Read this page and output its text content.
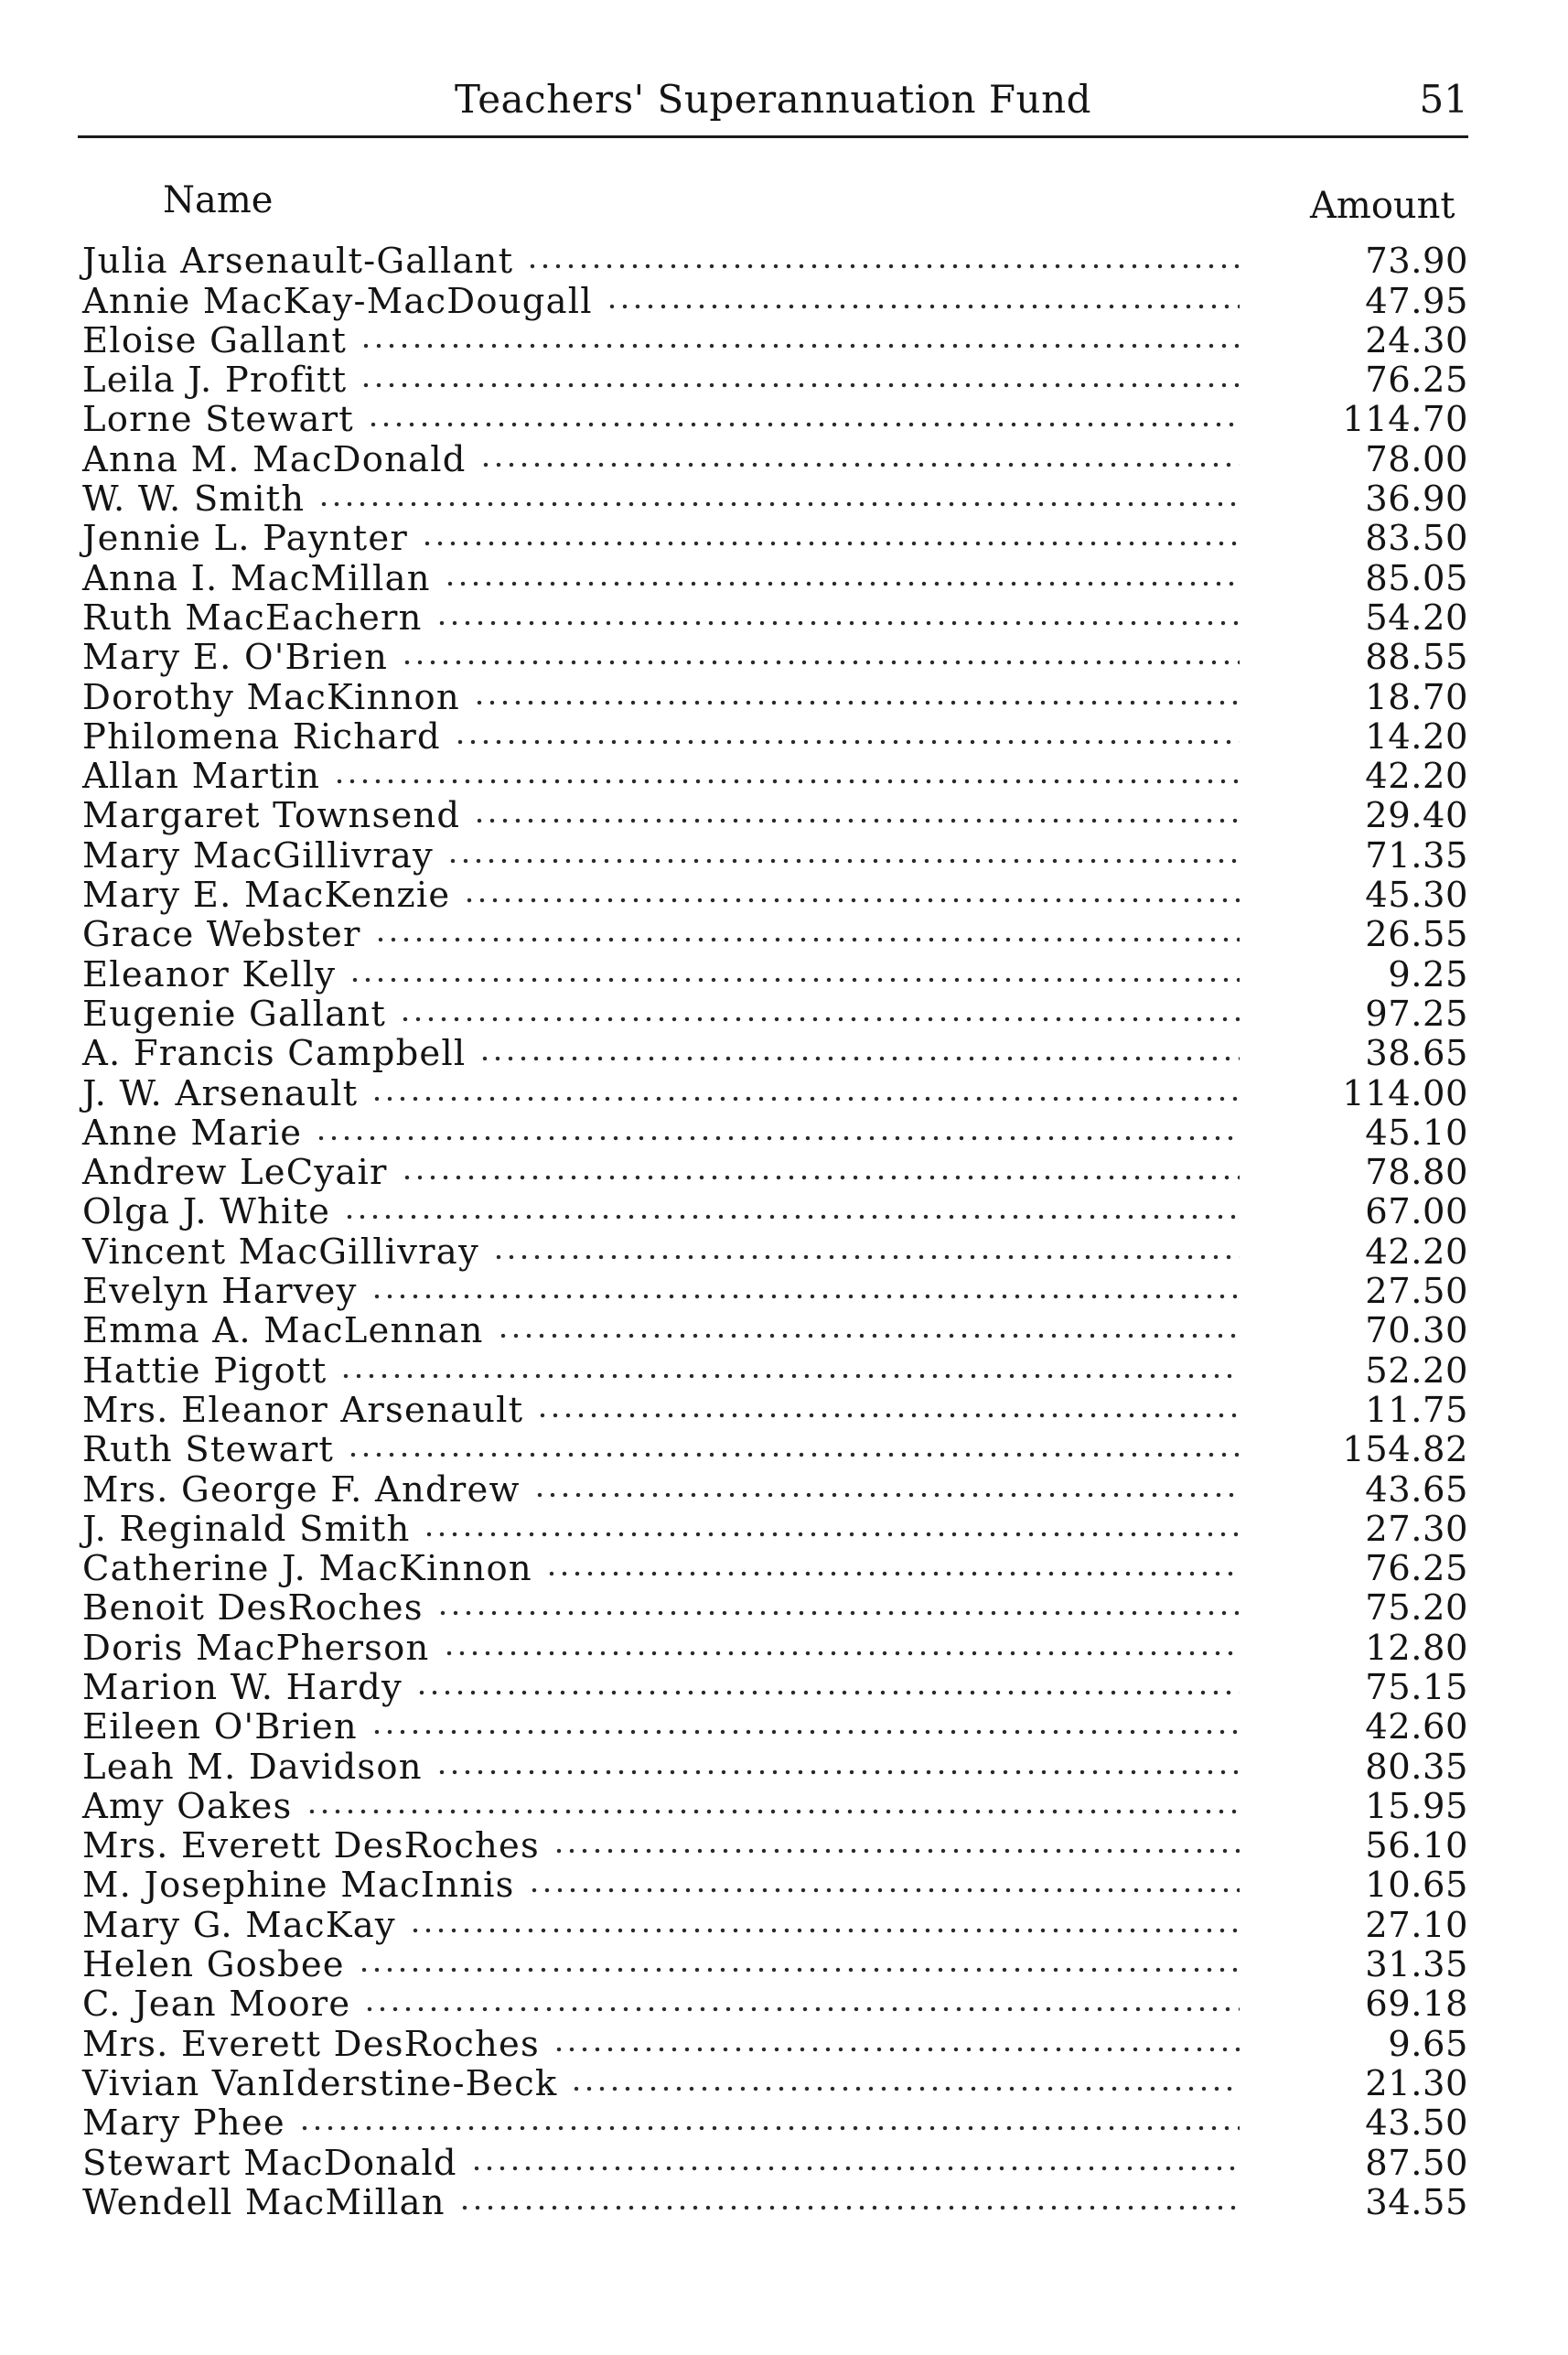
Teachers' Superannuation Fund	51
Name	Amount
Julia Arsenault-Gallant	73.90
Annie MacKay-MacDougall	47.95
Eloise Gallant	24.30
Leila J. Profitt	76.25
Lorne Stewart	114.70
Anna M. MacDonald	78.00
W. W. Smith	36.90
Jennie L. Paynter	83.50
Anna I. MacMillan	85.05
Ruth MacEachern	54.20
Mary E. O'Brien	88.55
Dorothy MacKinnon	18.70
Philomena Richard	14.20
Allan Martin	42.20
Margaret Townsend	29.40
Mary MacGillivray	71.35
Mary E. MacKenzie	45.30
Grace Webster	26.55
Eleanor Kelly	9.25
Eugenie Gallant	97.25
A. Francis Campbell	38.65
J. W. Arsenault	114.00
Anne Marie	45.10
Andrew LeCyair	78.80
Olga J. White	67.00
Vincent MacGillivray	42.20
Evelyn Harvey	27.50
Emma A. MacLennan	70.30
Hattie Pigott	52.20
Mrs. Eleanor Arsenault	11.75
Ruth Stewart	154.82
Mrs. George F. Andrew	43.65
J. Reginald Smith	27.30
Catherine J. MacKinnon	76.25
Benoit DesRoches	75.20
Doris MacPherson	12.80
Marion W. Hardy	75.15
Eileen O'Brien	42.60
Leah M. Davidson	80.35
Amy Oakes	15.95
Mrs. Everett DesRoches	56.10
M. Josephine MacInnis	10.65
Mary G. MacKay	27.10
Helen Gosbee	31.35
C. Jean Moore	69.18
Mrs. Everett DesRoches	9.65
Vivian VanIderstine-Beck	21.30
Mary Phee	43.50
Stewart MacDonald	87.50
Wendell MacMillan	34.55
